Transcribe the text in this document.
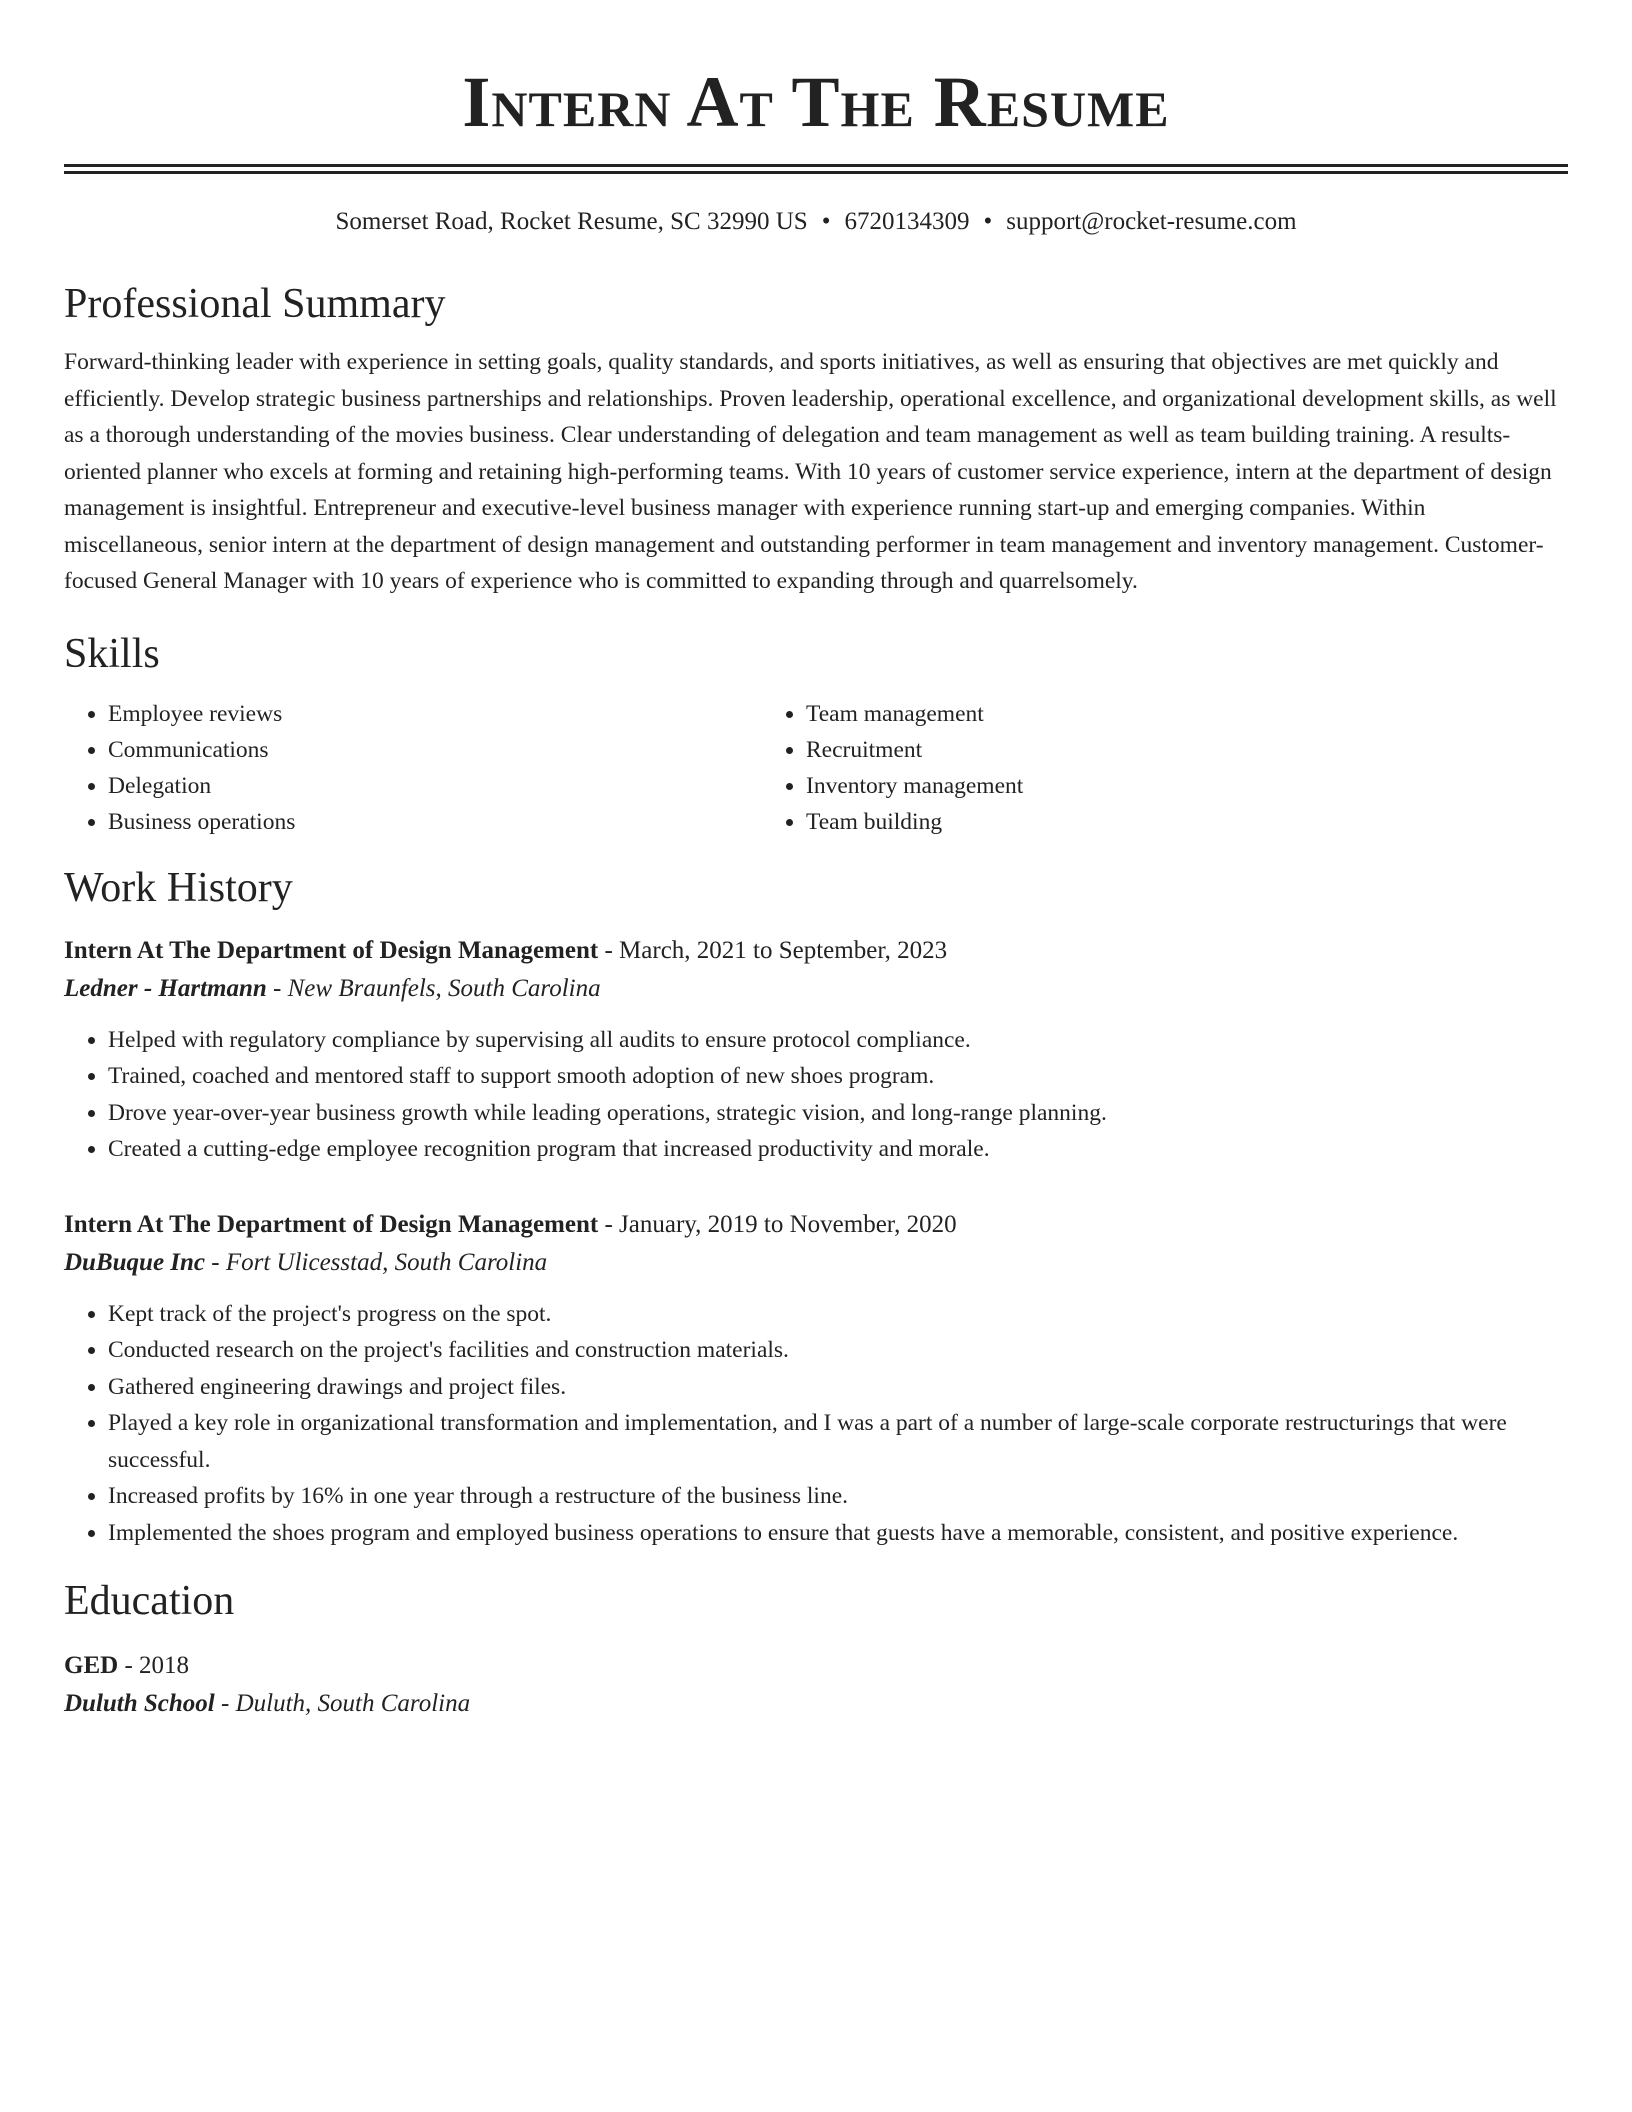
Intern At The Resume
Somerset Road, Rocket Resume, SC 32990 US • 6720134309 • support@rocket-resume.com
Professional Summary

Forward-thinking leader with experience in setting goals, quality standards, and sports initiatives, as well as ensuring that objectives are met quickly and efficiently. Develop strategic business partnerships and relationships. Proven leadership, operational excellence, and organizational development skills, as well as a thorough understanding of the movies business. Clear understanding of delegation and team management as well as team building training. A results-oriented planner who excels at forming and retaining high-performing teams. With 10 years of customer service experience, intern at the department of design management is insightful. Entrepreneur and executive-level business manager with experience running start-up and emerging companies. Within miscellaneous, senior intern at the department of design management and outstanding performer in team management and inventory management. Customer-focused General Manager with 10 years of experience who is committed to expanding through and quarrelsomely.

Skills
• Employee reviews
• Communications
• Delegation
• Business operations
• Team management
• Recruitment
• Inventory management
• Team building
Work History
Intern At The Department of Design Management - March, 2021 to September, 2023
Ledner - Hartmann - New Braunfels, South Carolina
• Helped with regulatory compliance by supervising all audits to ensure protocol compliance.
• Trained, coached and mentored staff to support smooth adoption of new shoes program.
• Drove year-over-year business growth while leading operations, strategic vision, and long-range planning.
• Created a cutting-edge employee recognition program that increased productivity and morale.
Intern At The Department of Design Management - January, 2019 to November, 2020
DuBuque Inc - Fort Ulicesstad, South Carolina
• Kept track of the project's progress on the spot.
• Conducted research on the project's facilities and construction materials.
• Gathered engineering drawings and project files.
• Played a key role in organizational transformation and implementation, and I was a part of a number of large-scale corporate restructurings that were successful.
• Increased profits by 16% in one year through a restructure of the business line.
• Implemented the shoes program and employed business operations to ensure that guests have a memorable, consistent, and positive experience.
Education
GED - 2018
Duluth School - Duluth, South Carolina
